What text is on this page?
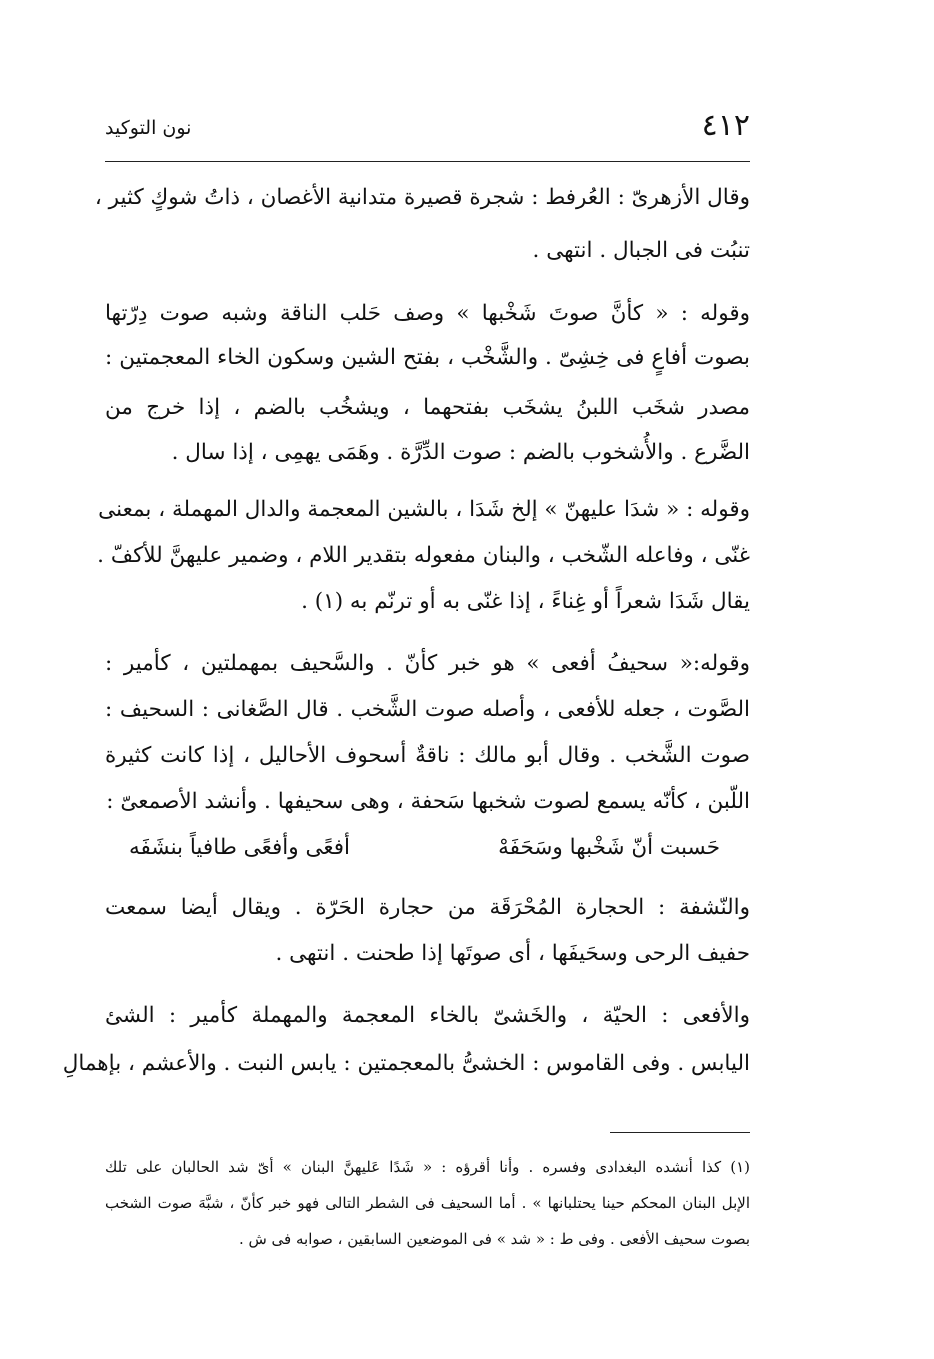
٤١٢
نون التوكيد
وقال الأزهرىّ : العُرفط : شجرة قصيرة متدانية الأغصان ، ذاتُ شوكٍ كثير ،
تنبُت فى الجبال . انتهى .
وقوله : « كأنَّ صوتَ شَخْبها » وصف حَلب الناقة وشبه صوت دِرّتها
بصوت أفاعٍ فى خِشِىّ . والشَّخْب ، بفتح الشين وسكون الخاء المعجمتين :
مصدر شخَب اللبنُ يشخَب بفتحهما ، ويشخُب بالضم ، إذا خرج من
الضَّرع . والأُشخوب بالضم : صوت الدِّرَّة . وهَمَى يهمِى ، إذا سال .
وقوله : « شدَا عليهنّ » إلخ شَدَا ، بالشين المعجمة والدال المهملة ، بمعنى
غنّى ، وفاعله الشّخب ، والبنان مفعوله بتقدير اللام ، وضمير عليهنَّ للأكفّ .
يقال شَدَا شعراً أو غِناءً ، إذا غنّى به أو ترنّم به (١) .
وقوله:« سحيفُ أفعى » هو خبر كأنّ . والسَّحيف بمهملتين ، كأمير :
الصَّوت ، جعله للأفعى ، وأصله صوت الشَّخب . قال الصَّغانى : السحيف :
صوت الشَّخب . وقال أبو مالك : ناقةٌ أسحوف الأحاليل ، إذا كانت كثيرة
اللّبن ، كأنّه يسمع لصوت شخبها سَحفة ، وهى سحيفها . وأنشد الأصمعىّ :
حَسبت أنّ شَخْبها وسَحَفَهْ
أفعًى وأفعًى طافياً بنشَفَه
والنّشفة : الحجارة المُحْرَقَة من حجارة الحَرّة . ويقال أيضا سمعت
حفيف الرحى وسحَيفَها ، أى صوتَها إذا طحنت . انتهى .
والأفعى : الحيّة ، والخَشىّ بالخاء المعجمة والمهملة كأمير : الشئ
اليابس . وفى القاموس : الخشىُّ بالمعجمتين : يابس النبت . والأعشم ، بإهمالِ
(١) كذا أنشده البغدادى وفسره . وأنا أقرؤه : « شَدًا عَليهنَّ البنان » أىّ شد الحالبان على تلك
الإبل البنان المحكم حينا يحتلبانها » . أما السحيف فى الشطر التالى فهو خبر كأنّ ، شبَّهَ صوت الشخب
بصوت سحيف الأفعى . وفى ط : « شد » فى الموضعين السابقين ، صوابه فى ش .
